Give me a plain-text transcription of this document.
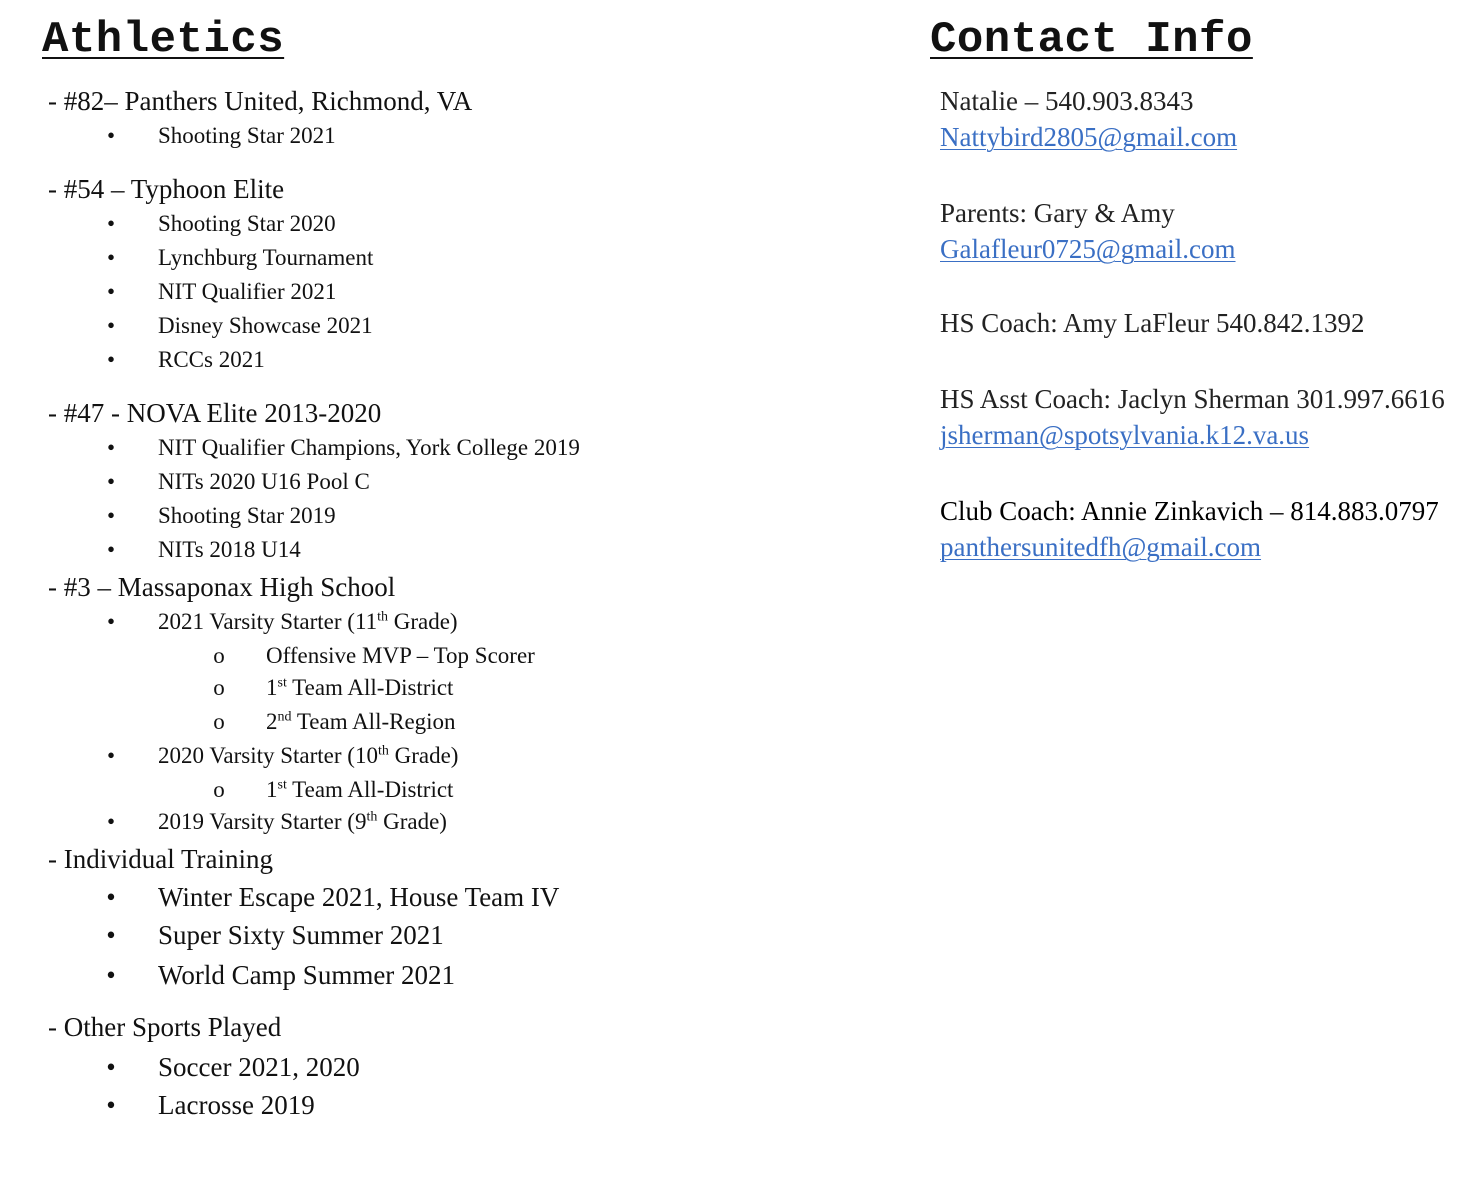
Athletics	Contact Info
- #82– Panthers United, Richmond, VA
• Shooting Star 2021
- #54 – Typhoon Elite
• Shooting Star 2020
• Lynchburg Tournament
• NIT Qualifier 2021
• Disney Showcase 2021
• RCCs 2021
- #47 - NOVA Elite 2013-2020
• NIT Qualifier Champions, York College 2019
• NITs 2020 U16 Pool C
• Shooting Star 2019
• NITs 2018 U14
- #3 – Massaponax High School
• 2021 Varsity Starter (11th Grade)
o Offensive MVP – Top Scorer
o 1st Team All-District
o 2nd Team All-Region
• 2020 Varsity Starter (10th Grade)
o 1st Team All-District
• 2019 Varsity Starter (9th Grade)
- Individual Training
• Winter Escape 2021, House Team IV
• Super Sixty Summer 2021
• World Camp Summer 2021
- Other Sports Played
• Soccer 2021, 2020
• Lacrosse 2019
Natalie – 540.903.8343
Nattybird2805@gmail.com
Parents: Gary & Amy
Galafleur0725@gmail.com
HS Coach: Amy LaFleur 540.842.1392
HS Asst Coach: Jaclyn Sherman 301.997.6616
jsherman@spotsylvania.k12.va.us
Club Coach: Annie Zinkavich – 814.883.0797
panthersunitedfh@gmail.com
